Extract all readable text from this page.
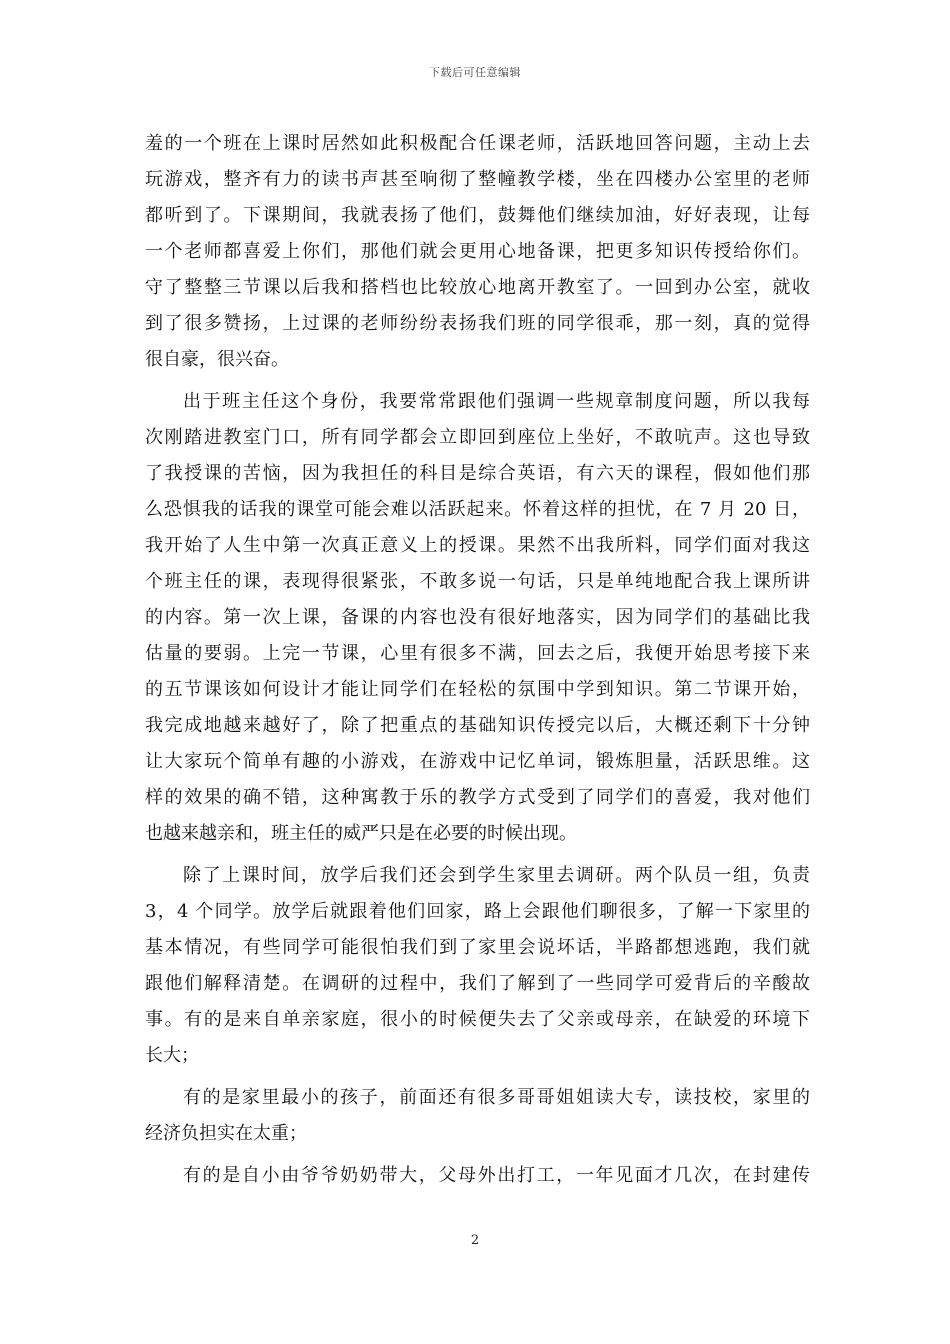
下载后可任意编辑
羞的一个班在上课时居然如此积极配合任课老师，活跃地回答问题，主动上去
玩游戏，整齐有力的读书声甚至响彻了整幢教学楼，坐在四楼办公室里的老师
都听到了。下课期间，我就表扬了他们，鼓舞他们继续加油，好好表现，让每
一个老师都喜爱上你们，那他们就会更用心地备课，把更多知识传授给你们。
守了整整三节课以后我和搭档也比较放心地离开教室了。一回到办公室，就收
到了很多赞扬，上过课的老师纷纷表扬我们班的同学很乖，那一刻，真的觉得
很自豪，很兴奋。
出于班主任这个身份，我要常常跟他们强调一些规章制度问题，所以我每
次刚踏进教室门口，所有同学都会立即回到座位上坐好，不敢吭声。这也导致
了我授课的苦恼，因为我担任的科目是综合英语，有六天的课程，假如他们那
么恐惧我的话我的课堂可能会难以活跃起来。怀着这样的担忧，在 7 月 20 日，
我开始了人生中第一次真正意义上的授课。果然不出我所料，同学们面对我这
个班主任的课，表现得很紧张，不敢多说一句话，只是单纯地配合我上课所讲
的内容。第一次上课，备课的内容也没有很好地落实，因为同学们的基础比我
估量的要弱。上完一节课，心里有很多不满，回去之后，我便开始思考接下来
的五节课该如何设计才能让同学们在轻松的氛围中学到知识。第二节课开始，
我完成地越来越好了，除了把重点的基础知识传授完以后，大概还剩下十分钟
让大家玩个简单有趣的小游戏，在游戏中记忆单词，锻炼胆量，活跃思维。这
样的效果的确不错，这种寓教于乐的教学方式受到了同学们的喜爱，我对他们
也越来越亲和，班主任的威严只是在必要的时候出现。
除了上课时间，放学后我们还会到学生家里去调研。两个队员一组，负责
3，4 个同学。放学后就跟着他们回家，路上会跟他们聊很多，了解一下家里的
基本情况，有些同学可能很怕我们到了家里会说坏话，半路都想逃跑，我们就
跟他们解释清楚。在调研的过程中，我们了解到了一些同学可爱背后的辛酸故
事。有的是来自单亲家庭，很小的时候便失去了父亲或母亲，在缺爱的环境下
长大；
有的是家里最小的孩子，前面还有很多哥哥姐姐读大专，读技校，家里的
经济负担实在太重；
有的是自小由爷爷奶奶带大，父母外出打工，一年见面才几次，在封建传
2
